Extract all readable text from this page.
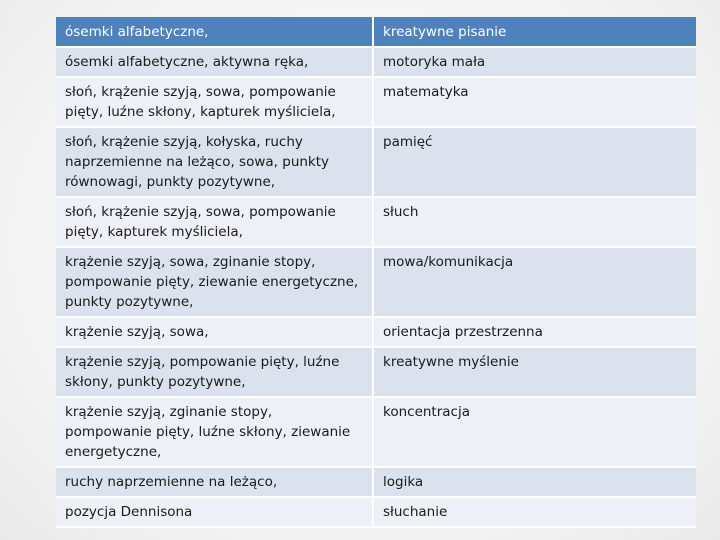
ósemki alfabetyczne,	kreatywne pisanie
ósemki alfabetyczne, aktywna ręka,	motoryka mała
słoń, krążenie szyją, sowa, pompowanie pięty, luźne skłony, kapturek myśliciela,	matematyka
słoń, krążenie szyją, kołyska, ruchy naprzemienne na leżąco, sowa, punkty równowagi, punkty pozytywne,	pamięć
słoń, krążenie szyją, sowa, pompowanie pięty, kapturek myśliciela,	słuch
krążenie szyją, sowa, zginanie stopy, pompowanie pięty, ziewanie energetyczne, punkty pozytywne,	mowa/komunikacja
krążenie szyją, sowa,	orientacja przestrzenna
krążenie szyją, pompowanie pięty, luźne skłony, punkty pozytywne,	kreatywne myślenie
krążenie szyją, zginanie stopy, pompowanie pięty, luźne skłony, ziewanie energetyczne,	koncentracja
ruchy naprzemienne na leżąco,	logika
pozycja Dennisona	słuchanie
